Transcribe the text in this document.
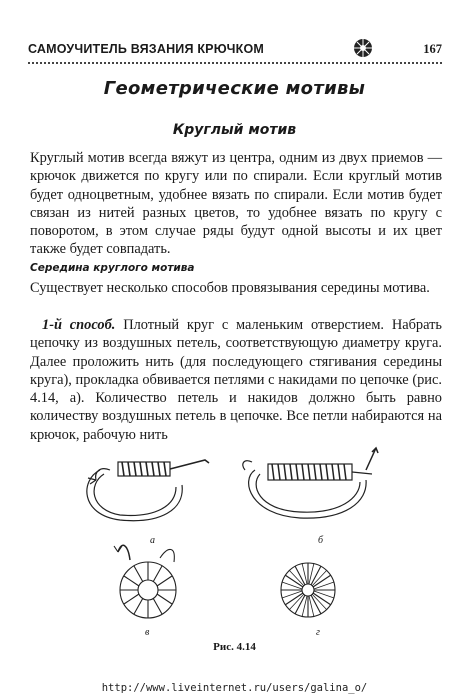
САМОУЧИТЕЛЬ ВЯЗАНИЯ КРЮЧКОМ	167
Геометрические мотивы
Круглый мотив
Круглый мотив всегда вяжут из центра, одним из двух приемов — крючок движется по кругу или по спирали. Если круглый мотив будет одноцветным, удобнее вязать по спирали. Если мотив будет связан из нитей разных цветов, то удобнее вязать по кругу с поворотом, в этом случае ряды будут одной высоты и их цвет также будет совпадать.
Середина круглого мотива
Существует несколько способов провязывания середины мотива.
1-й способ. Плотный круг с маленьким отверстием. Набрать цепочку из воздушных петель, соответствующую диаметру круга. Далее проложить нить (для последующего стягивания середины круга), прокладка обвивается петлями с накидами по цепочке (рис. 4.14, а). Количество петель и накидов должно быть равно количеству воздушных петель в цепочке. Все петли набираются на крючок, рабочую нить
а	б
в	г
Рис. 4.14
http://www.liveinternet.ru/users/galina_o/
